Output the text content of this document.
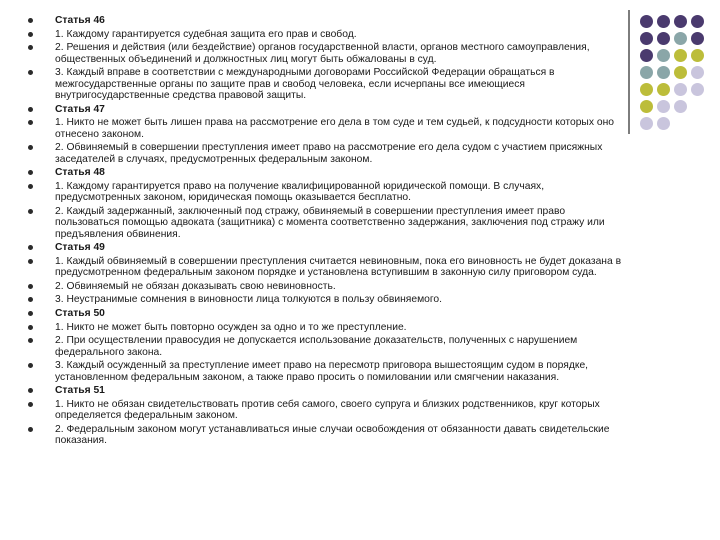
Статья 46
1. Каждому гарантируется судебная защита его прав и свобод.
2. Решения и действия (или бездействие) органов государственной власти, органов местного самоуправления, общественных объединений и должностных лиц могут быть обжалованы в суд.
3. Каждый вправе в соответствии с международными договорами Российской Федерации обращаться в межгосударственные органы по защите прав и свобод человека, если исчерпаны все имеющиеся внутригосударственные средства правовой защиты.
Статья 47
1. Никто не может быть лишен права на рассмотрение его дела в том суде и тем судьей, к подсудности которых оно отнесено законом.
2. Обвиняемый в совершении преступления имеет право на рассмотрение его дела судом с участием присяжных заседателей в случаях, предусмотренных федеральным законом.
Статья 48
1. Каждому гарантируется право на получение квалифицированной юридической помощи. В случаях, предусмотренных законом, юридическая помощь оказывается бесплатно.
2. Каждый задержанный, заключенный под стражу, обвиняемый в совершении преступления имеет право пользоваться помощью адвоката (защитника) с момента соответственно задержания, заключения под стражу или предъявления обвинения.
Статья 49
1. Каждый обвиняемый в совершении преступления считается невиновным, пока его виновность не будет доказана в предусмотренном федеральным законом порядке и установлена вступившим в законную силу приговором суда.
2. Обвиняемый не обязан доказывать свою невиновность.
3. Неустранимые сомнения в виновности лица толкуются в пользу обвиняемого.
Статья 50
1. Никто не может быть повторно осужден за одно и то же преступление.
2. При осуществлении правосудия не допускается использование доказательств, полученных с нарушением федерального закона.
3. Каждый осужденный за преступление имеет право на пересмотр приговора вышестоящим судом в порядке, установленном федеральным законом, а также право просить о помиловании или смягчении наказания.
Статья 51
1. Никто не обязан свидетельствовать против себя самого, своего супруга и близких родственников, круг которых определяется федеральным законом.
2. Федеральным законом могут устанавливаться иные случаи освобождения от обязанности давать свидетельские показания.
